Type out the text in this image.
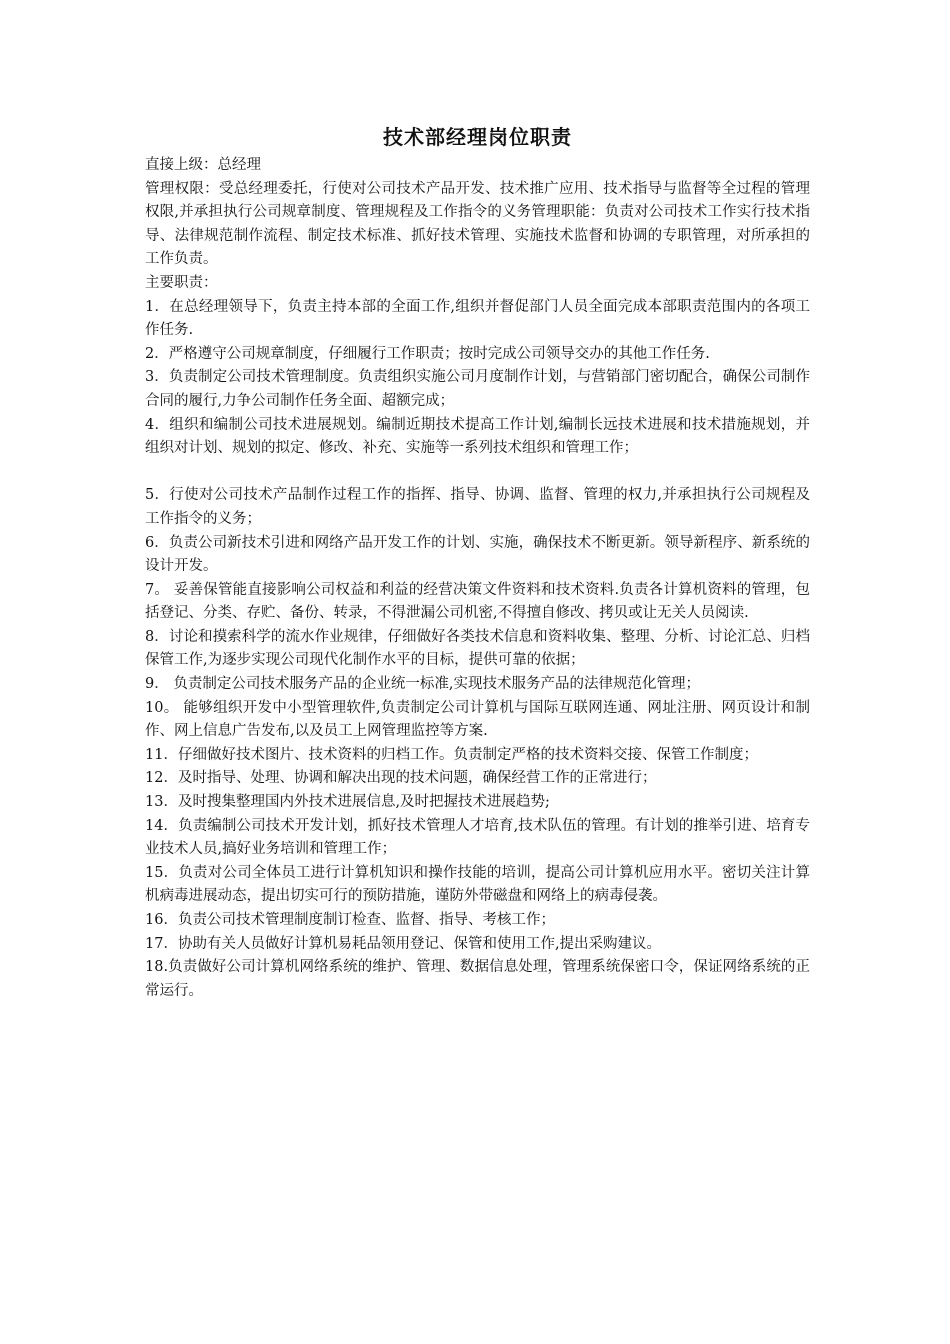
技术部经理岗位职责

直接上级：总经理

管理权限：受总经理委托，行使对公司技术产品开发、技术推广应用、技术指导与监督等全过程的管理权限,并承担执行公司规章制度、管理规程及工作指令的义务管理职能：负责对公司技术工作实行技术指导、法律规范制作流程、制定技术标准、抓好技术管理、实施技术监督和协调的专职管理，对所承担的工作负责。

主要职责：

1．在总经理领导下，负责主持本部的全面工作,组织并督促部门人员全面完成本部职责范围内的各项工作任务.

2．严格遵守公司规章制度，仔细履行工作职责；按时完成公司领导交办的其他工作任务.

3．负责制定公司技术管理制度。负责组织实施公司月度制作计划，与营销部门密切配合，确保公司制作合同的履行,力争公司制作任务全面、超额完成；

4．组织和编制公司技术进展规划。编制近期技术提高工作计划,编制长远技术进展和技术措施规划，并组织对计划、规划的拟定、修改、补充、实施等一系列技术组织和管理工作；

5．行使对公司技术产品制作过程工作的指挥、指导、协调、监督、管理的权力,并承担执行公司规程及工作指令的义务；

6．负责公司新技术引进和网络产品开发工作的计划、实施，确保技术不断更新。领导新程序、新系统的设计开发。

7。 妥善保管能直接影响公司权益和利益的经营决策文件资料和技术资料.负责各计算机资料的管理，包括登记、分类、存贮、备份、转录，不得泄漏公司机密,不得擅自修改、拷贝或让无关人员阅读.

8．讨论和摸索科学的流水作业规律，仔细做好各类技术信息和资料收集、整理、分析、讨论汇总、归档保管工作,为逐步实现公司现代化制作水平的目标，提供可靠的依据；

9． 负责制定公司技术服务产品的企业统一标准,实现技术服务产品的法律规范化管理；

10。 能够组织开发中小型管理软件,负责制定公司计算机与国际互联网连通、网址注册、网页设计和制作、网上信息广告发布,以及员工上网管理监控等方案.

11．仔细做好技术图片、技术资料的归档工作。负责制定严格的技术资料交接、保管工作制度；

12．及时指导、处理、协调和解决出现的技术问题，确保经营工作的正常进行；

13．及时搜集整理国内外技术进展信息,及时把握技术进展趋势;

14．负责编制公司技术开发计划，抓好技术管理人才培育,技术队伍的管理。有计划的推举引进、培育专业技术人员,搞好业务培训和管理工作；

15．负责对公司全体员工进行计算机知识和操作技能的培训，提高公司计算机应用水平。密切关注计算机病毒进展动态，提出切实可行的预防措施，谨防外带磁盘和网络上的病毒侵袭。

16．负责公司技术管理制度制订检查、监督、指导、考核工作；

17．协助有关人员做好计算机易耗品领用登记、保管和使用工作,提出采购建议。

18.负责做好公司计算机网络系统的维护、管理、数据信息处理，管理系统保密口令，保证网络系统的正常运行。
